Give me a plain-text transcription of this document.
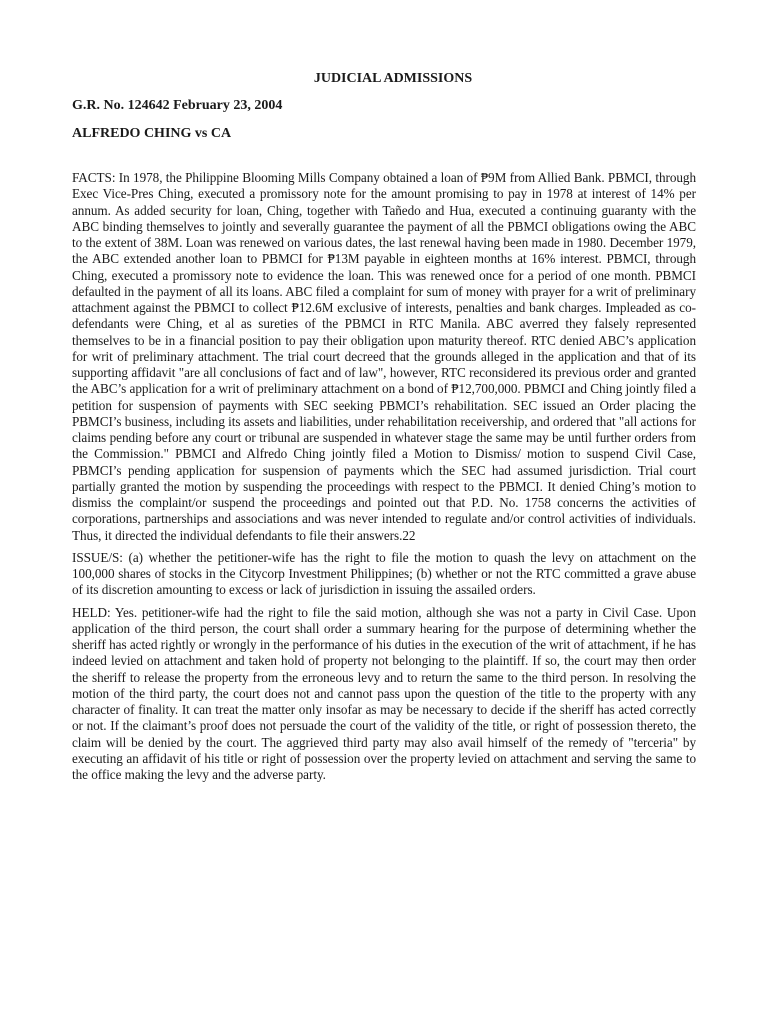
JUDICIAL ADMISSIONS
G.R. No. 124642 February 23, 2004
ALFREDO CHING vs CA

FACTS: In 1978, the Philippine Blooming Mills Company obtained a loan of ₱9M from Allied Bank. PBMCI, through Exec Vice-Pres Ching, executed a promissory note for the amount promising to pay in 1978 at interest of 14% per annum. As added security for loan, Ching, together with Tañedo and Hua, executed a continuing guaranty with the ABC binding themselves to jointly and severally guarantee the payment of all the PBMCI obligations owing the ABC to the extent of 38M. Loan was renewed on various dates, the last renewal having been made in 1980. December 1979, the ABC extended another loan to PBMCI for ₱13M payable in eighteen months at 16% interest. PBMCI, through Ching, executed a promissory note to evidence the loan. This was renewed once for a period of one month. PBMCI defaulted in the payment of all its loans. ABC filed a complaint for sum of money with prayer for a writ of preliminary attachment against the PBMCI to collect ₱12.6M exclusive of interests, penalties and bank charges. Impleaded as co-defendants were Ching, et al as sureties of the PBMCI in RTC Manila. ABC averred they falsely represented themselves to be in a financial position to pay their obligation upon maturity thereof. RTC denied ABC’s application for writ of preliminary attachment. The trial court decreed that the grounds alleged in the application and that of its supporting affidavit "are all conclusions of fact and of law", however, RTC reconsidered its previous order and granted the ABC’s application for a writ of preliminary attachment on a bond of ₱12,700,000. PBMCI and Ching jointly filed a petition for suspension of payments with SEC seeking PBMCI’s rehabilitation. SEC issued an Order placing the PBMCI’s business, including its assets and liabilities, under rehabilitation receivership, and ordered that "all actions for claims pending before any court or tribunal are suspended in whatever stage the same may be until further orders from the Commission." PBMCI and Alfredo Ching jointly filed a Motion to Dismiss/ motion to suspend Civil Case, PBMCI’s pending application for suspension of payments which the SEC had assumed jurisdiction. Trial court partially granted the motion by suspending the proceedings with respect to the PBMCI. It denied Ching’s motion to dismiss the complaint/or suspend the proceedings and pointed out that P.D. No. 1758 concerns the activities of corporations, partnerships and associations and was never intended to regulate and/or control activities of individuals. Thus, it directed the individual defendants to file their answers.22

ISSUE/S: (a) whether the petitioner-wife has the right to file the motion to quash the levy on attachment on the 100,000 shares of stocks in the Citycorp Investment Philippines; (b) whether or not the RTC committed a grave abuse of its discretion amounting to excess or lack of jurisdiction in issuing the assailed orders.

HELD: Yes. petitioner-wife had the right to file the said motion, although she was not a party in Civil Case. Upon application of the third person, the court shall order a summary hearing for the purpose of determining whether the sheriff has acted rightly or wrongly in the performance of his duties in the execution of the writ of attachment, if he has indeed levied on attachment and taken hold of property not belonging to the plaintiff. If so, the court may then order the sheriff to release the property from the erroneous levy and to return the same to the third person. In resolving the motion of the third party, the court does not and cannot pass upon the question of the title to the property with any character of finality. It can treat the matter only insofar as may be necessary to decide if the sheriff has acted correctly or not. If the claimant’s proof does not persuade the court of the validity of the title, or right of possession thereto, the claim will be denied by the court. The aggrieved third party may also avail himself of the remedy of "terceria" by executing an affidavit of his title or right of possession over the property levied on attachment and serving the same to the office making the levy and the adverse party.
